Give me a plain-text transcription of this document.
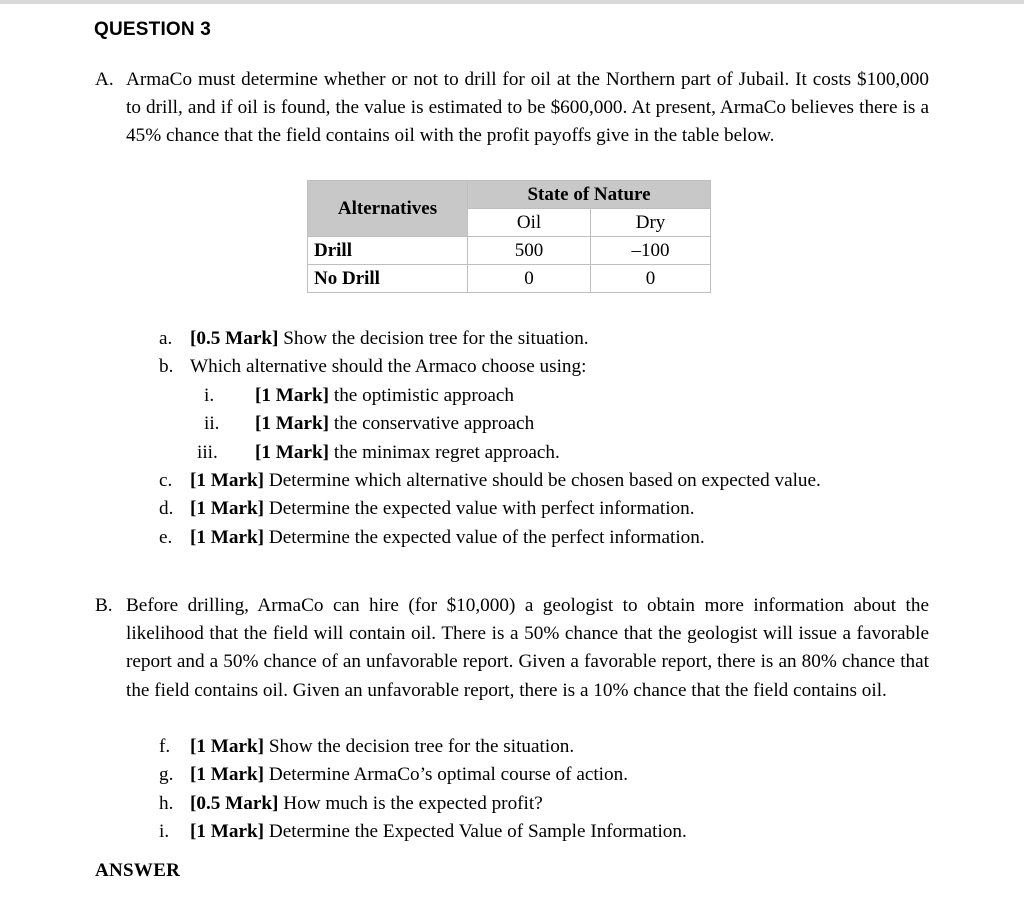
QUESTION 3
A. ArmaCo must determine whether or not to drill for oil at the Northern part of Jubail. It costs $100,000 to drill, and if oil is found, the value is estimated to be $600,000. At present, ArmaCo believes there is a 45% chance that the field contains oil with the profit payoffs give in the table below.
Alternatives	State of Nature	
	Oil	Dry
Drill	500	–100
No Drill	0	0
a. [0.5 Mark] Show the decision tree for the situation.
b. Which alternative should the Armaco choose using:
i. [1 Mark] the optimistic approach
ii. [1 Mark] the conservative approach
iii. [1 Mark] the minimax regret approach.
c. [1 Mark] Determine which alternative should be chosen based on expected value.
d. [1 Mark] Determine the expected value with perfect information.
e. [1 Mark] Determine the expected value of the perfect information.
B. Before drilling, ArmaCo can hire (for $10,000) a geologist to obtain more information about the likelihood that the field will contain oil. There is a 50% chance that the geologist will issue a favorable report and a 50% chance of an unfavorable report. Given a favorable report, there is an 80% chance that the field contains oil. Given an unfavorable report, there is a 10% chance that the field contains oil.
f. [1 Mark] Show the decision tree for the situation.
g. [1 Mark] Determine ArmaCo’s optimal course of action.
h. [0.5 Mark] How much is the expected profit?
i. [1 Mark] Determine the Expected Value of Sample Information.
ANSWER
